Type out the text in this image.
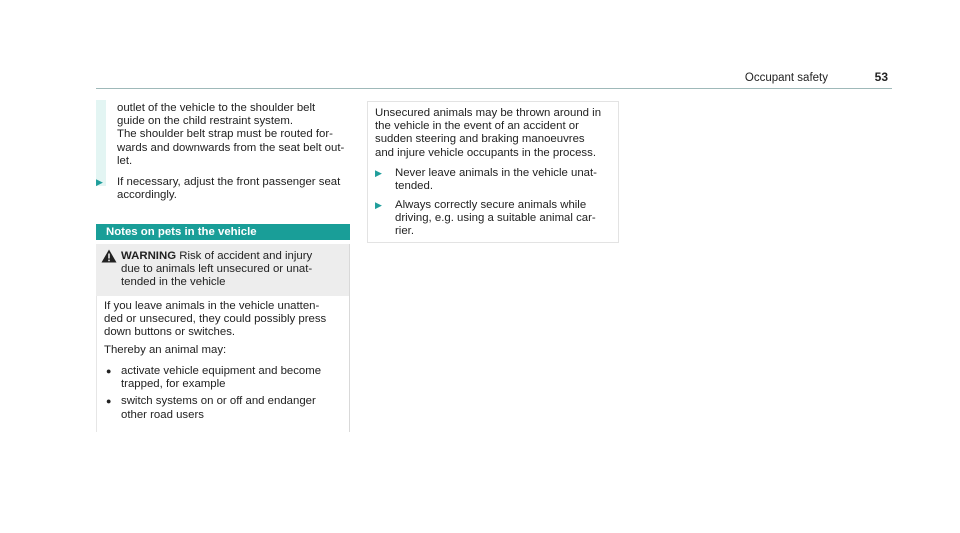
Occupant safety	53

outlet of the vehicle to the shoulder belt

guide on the child restraint system.

The shoulder belt strap must be routed for-

wards and downwards from the seat belt out-

let.

▶	If necessary, adjust the front passenger seat

accordingly.

Notes on pets in the vehicle

WARNING Risk of accident and injury

due to animals left unsecured or unat-

tended in the vehicle

If you leave animals in the vehicle unatten-

ded or unsecured, they could possibly press

down buttons or switches.

Thereby an animal may:

● activate vehicle equipment and become

trapped, for example

● switch systems on or off and endanger

other road users

Unsecured animals may be thrown around in

the vehicle in the event of an accident or

sudden steering and braking manoeuvres

and injure vehicle occupants in the process.

▶	Never leave animals in the vehicle unat-

tended.

▶	Always correctly secure animals while

driving, e.g. using a suitable animal car-

rier.
